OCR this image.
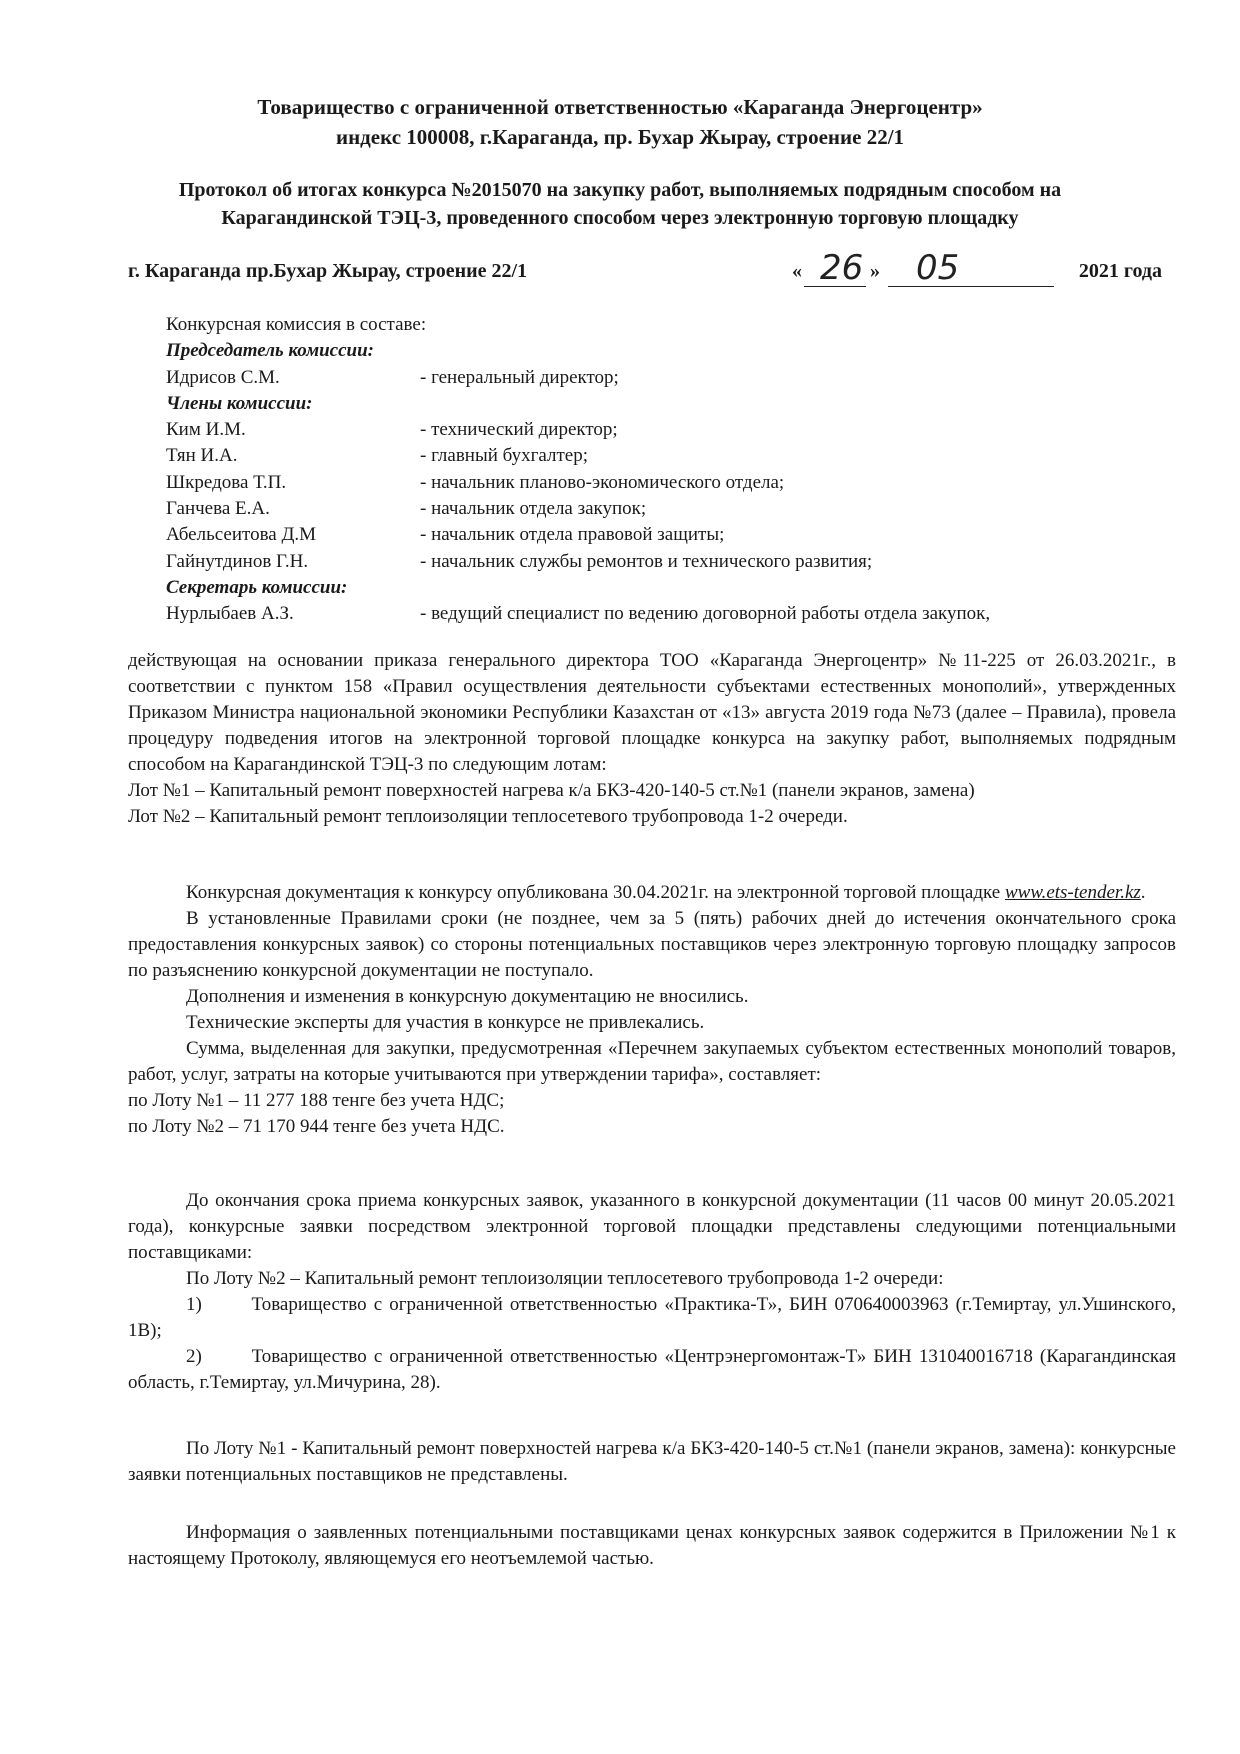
Товарищество с ограниченной ответственностью «Караганда Энергоцентр»
индекс 100008, г.Караганда, пр. Бухар Жырау, строение 22/1
Протокол об итогах конкурса №2015070 на закупку работ, выполняемых подрядным способом на
Карагандинской ТЭЦ-3, проведенного способом через электронную торговую площадку
г. Караганда пр.Бухар Жырау, строение 22/1	« 26 » 05	2021 года
Конкурсная комиссия в составе:
Председатель комиссии:
Идрисов С.М.	- генеральный директор;
Члены комиссии:
Ким И.М.	- технический директор;
Тян И.А.	- главный бухгалтер;
Шкредова Т.П.	- начальник планово-экономического отдела;
Ганчева Е.А.	- начальник отдела закупок;
Абельсеитова Д.М	- начальник отдела правовой защиты;
Гайнутдинов Г.Н.	- начальник службы ремонтов и технического развития;
Секретарь комиссии:
Нурлыбаев А.З.	- ведущий специалист по ведению договорной работы отдела закупок,

действующая на основании приказа генерального директора ТОО «Караганда Энергоцентр» №11-225 от 26.03.2021г., в соответствии с пунктом 158 «Правил осуществления деятельности субъектами естественных монополий», утвержденных Приказом Министра национальной экономики Республики Казахстан от «13» августа 2019 года №73 (далее – Правила), провела процедуру подведения итогов на электронной торговой площадке конкурса на закупку работ, выполняемых подрядным способом на Карагандинской ТЭЦ-3 по следующим лотам:

Лот №1 – Капитальный ремонт поверхностей нагрева к/а БКЗ-420-140-5 ст.№1 (панели экранов, замена)

Лот №2 – Капитальный ремонт теплоизоляции теплосетевого трубопровода 1-2 очереди.

Конкурсная документация к конкурсу опубликована 30.04.2021г. на электронной торговой площадке www.ets-tender.kz.

В установленные Правилами сроки (не позднее, чем за 5 (пять) рабочих дней до истечения окончательного срока предоставления конкурсных заявок) со стороны потенциальных поставщиков через электронную торговую площадку запросов по разъяснению конкурсной документации не поступало.

Дополнения и изменения в конкурсную документацию не вносились.

Технические эксперты для участия в конкурсе не привлекались.

Сумма, выделенная для закупки, предусмотренная «Перечнем закупаемых субъектом естественных монополий товаров, работ, услуг, затраты на которые учитываются при утверждении тарифа», составляет:

по Лоту №1 – 11 277 188 тенге без учета НДС;

по Лоту №2 – 71 170 944 тенге без учета НДС.

До окончания срока приема конкурсных заявок, указанного в конкурсной документации (11 часов 00 минут 20.05.2021 года), конкурсные заявки посредством электронной торговой площадки представлены следующими потенциальными поставщиками:

По Лоту №2 – Капитальный ремонт теплоизоляции теплосетевого трубопровода 1-2 очереди:

1)	Товарищество с ограниченной ответственностью «Практика-Т», БИН 070640003963 (г.Темиртау, ул.Ушинского, 1В);

2)	Товарищество с ограниченной ответственностью «Центрэнергомонтаж-Т» БИН 131040016718 (Карагандинская область, г.Темиртау, ул.Мичурина, 28).

По Лоту №1 - Капитальный ремонт поверхностей нагрева к/а БКЗ-420-140-5 ст.№1 (панели экранов, замена): конкурсные заявки потенциальных поставщиков не представлены.

Информация о заявленных потенциальными поставщиками ценах конкурсных заявок содержится в Приложении №1 к настоящему Протоколу, являющемуся его неотъемлемой частью.
